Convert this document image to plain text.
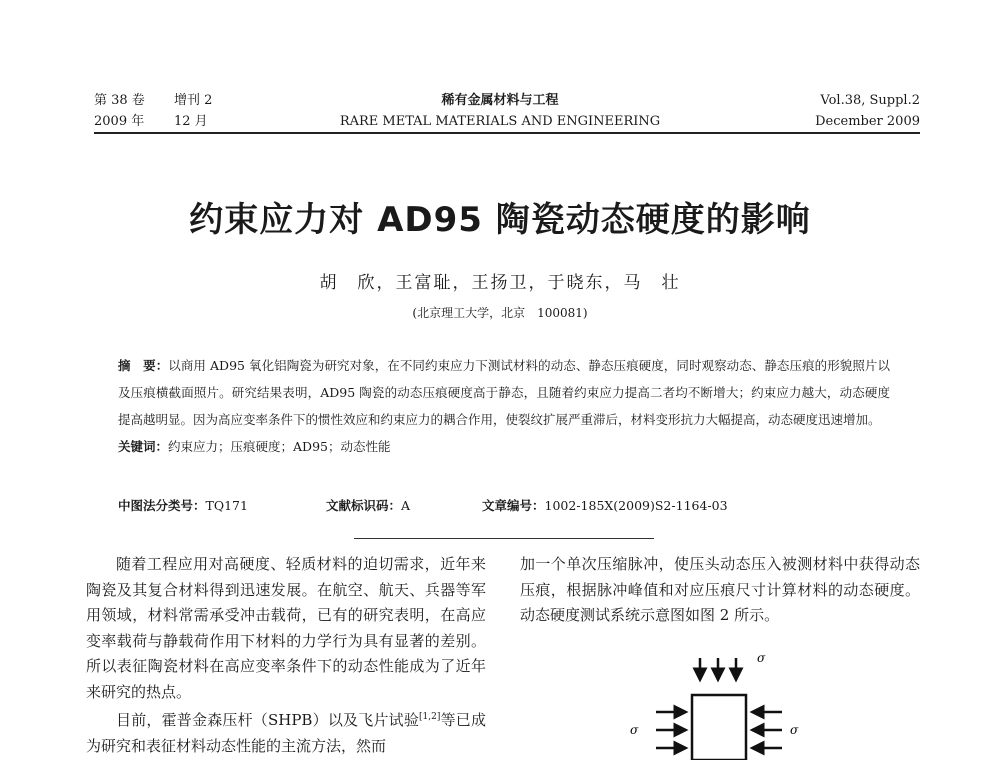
第 38 卷 增刊 2
2009 年 12 月
稀有金属材料与工程
RARE METAL MATERIALS AND ENGINEERING
Vol.38, Suppl.2
December 2009
约束应力对 AD95 陶瓷动态硬度的影响
胡　欣，王富耻，王扬卫，于晓东，马　壮
(北京理工大学，北京　100081)
摘　要：以商用 AD95 氧化铝陶瓷为研究对象，在不同约束应力下测试材料的动态、静态压痕硬度，同时观察动态、静态压痕的形貌照片以及压痕横截面照片。研究结果表明，AD95 陶瓷的动态压痕硬度高于静态，且随着约束应力提高二者均不断增大；约束应力越大，动态硬度提高越明显。因为高应变率条件下的惯性效应和约束应力的耦合作用，使裂纹扩展严重滞后，材料变形抗力大幅提高，动态硬度迅速增加。
关键词：约束应力；压痕硬度；AD95；动态性能
中图法分类号：TQ171	文献标识码：A	文章编号：1002-185X(2009)S2-1164-03

随着工程应用对高硬度、轻质材料的迫切需求，近年来陶瓷及其复合材料得到迅速发展。在航空、航天、兵器等军用领域，材料常需承受冲击载荷，已有的研究表明，在高应变率载荷与静载荷作用下材料的力学行为具有显著的差别。所以表征陶瓷材料在高应变率条件下的动态性能成为了近年来研究的热点。

目前，霍普金森压杆（SHPB）以及飞片试验[1,2]等已成为研究和表征材料动态性能的主流方法，然而

加一个单次压缩脉冲，使压头动态压入被测材料中获得动态压痕，根据脉冲峰值和对应压痕尺寸计算材料的动态硬度。动态硬度测试系统示意图如图 2 所示。

σ
σ	σ
